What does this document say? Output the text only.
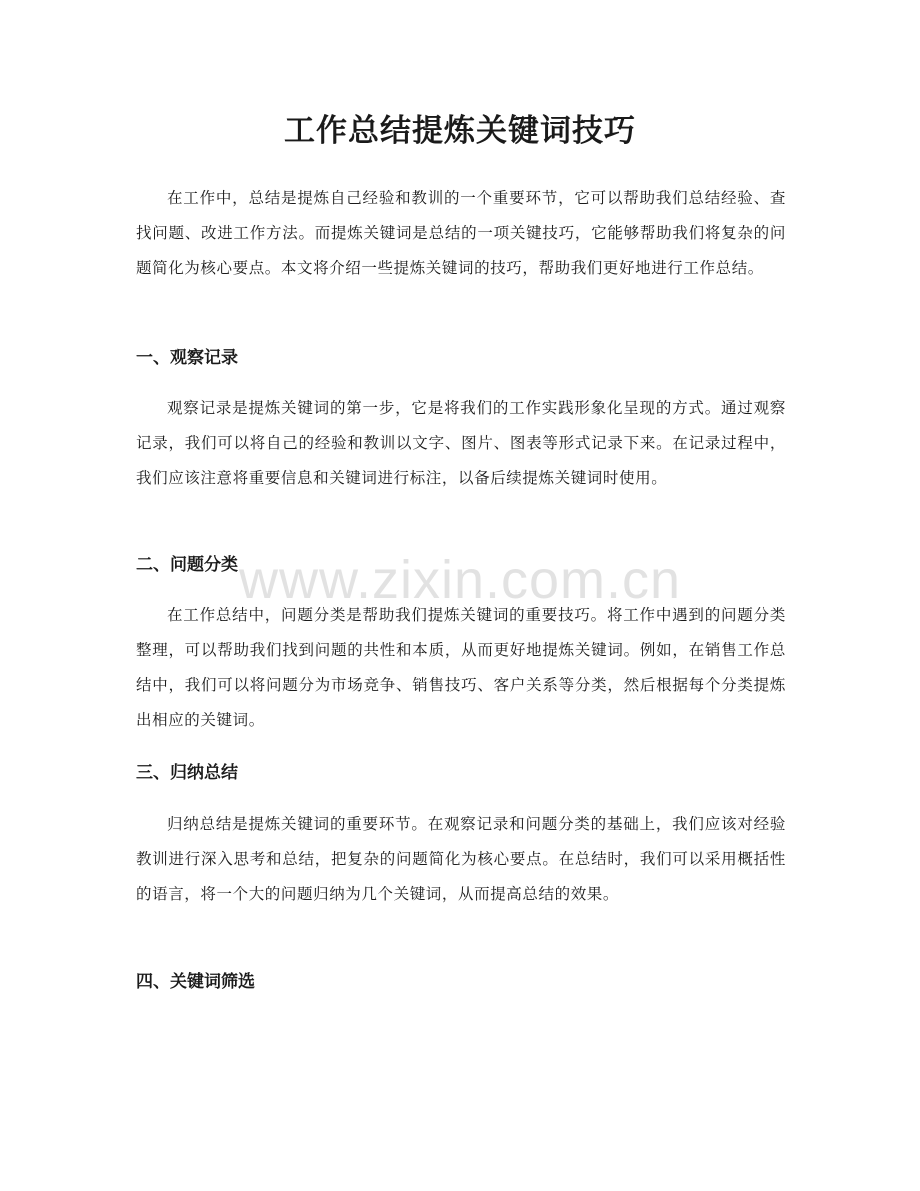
工作总结提炼关键词技巧

在工作中，总结是提炼自己经验和教训的一个重要环节，它可以帮助我们总结经验、查找问题、改进工作方法。而提炼关键词是总结的一项关键技巧，它能够帮助我们将复杂的问题简化为核心要点。本文将介绍一些提炼关键词的技巧，帮助我们更好地进行工作总结。

一、观察记录

观察记录是提炼关键词的第一步，它是将我们的工作实践形象化呈现的方式。通过观察记录，我们可以将自己的经验和教训以文字、图片、图表等形式记录下来。在记录过程中，我们应该注意将重要信息和关键词进行标注，以备后续提炼关键词时使用。

二、问题分类

在工作总结中，问题分类是帮助我们提炼关键词的重要技巧。将工作中遇到的问题分类整理，可以帮助我们找到问题的共性和本质，从而更好地提炼关键词。例如，在销售工作总结中，我们可以将问题分为市场竞争、销售技巧、客户关系等分类，然后根据每个分类提炼出相应的关键词。

三、归纳总结

归纳总结是提炼关键词的重要环节。在观察记录和问题分类的基础上，我们应该对经验教训进行深入思考和总结，把复杂的问题简化为核心要点。在总结时，我们可以采用概括性的语言，将一个大的问题归纳为几个关键词，从而提高总结的效果。

四、关键词筛选
www.zixin.com.cn
